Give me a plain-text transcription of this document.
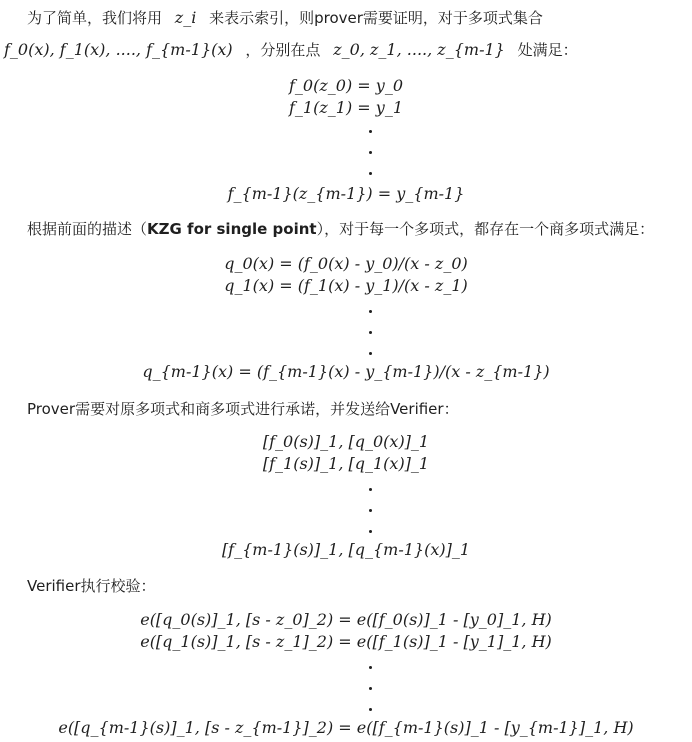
为了简单，我们将用 z_i 来表示索引，则prover需要证明，对于多项式集合
f_0(x), f_1(x), ...., f_{m-1}(x) ，分别在点 z_0, z_1, ...., z_{m-1} 处满足：
f_0(z_0) = y_0
f_1(z_1) = y_1
f_{m-1}(z_{m-1}) = y_{m-1}
根据前面的描述（KZG for single point），对于每一个多项式，都存在一个商多项式满足：
q_0(x) = (f_0(x) - y_0)/(x - z_0)
q_1(x) = (f_1(x) - y_1)/(x - z_1)
q_{m-1}(x) = (f_{m-1}(x) - y_{m-1})/(x - z_{m-1})
Prover需要对原多项式和商多项式进行承诺，并发送给Verifier：
[f_0(s)]_1, [q_0(x)]_1
[f_1(s)]_1, [q_1(x)]_1
[f_{m-1}(s)]_1, [q_{m-1}(x)]_1
Verifier执行校验：
e([q_0(s)]_1, [s - z_0]_2) = e([f_0(s)]_1 - [y_0]_1, H)
e([q_1(s)]_1, [s - z_1]_2) = e([f_1(s)]_1 - [y_1]_1, H)
e([q_{m-1}(s)]_1, [s - z_{m-1}]_2) = e([f_{m-1}(s)]_1 - [y_{m-1}]_1, H)
